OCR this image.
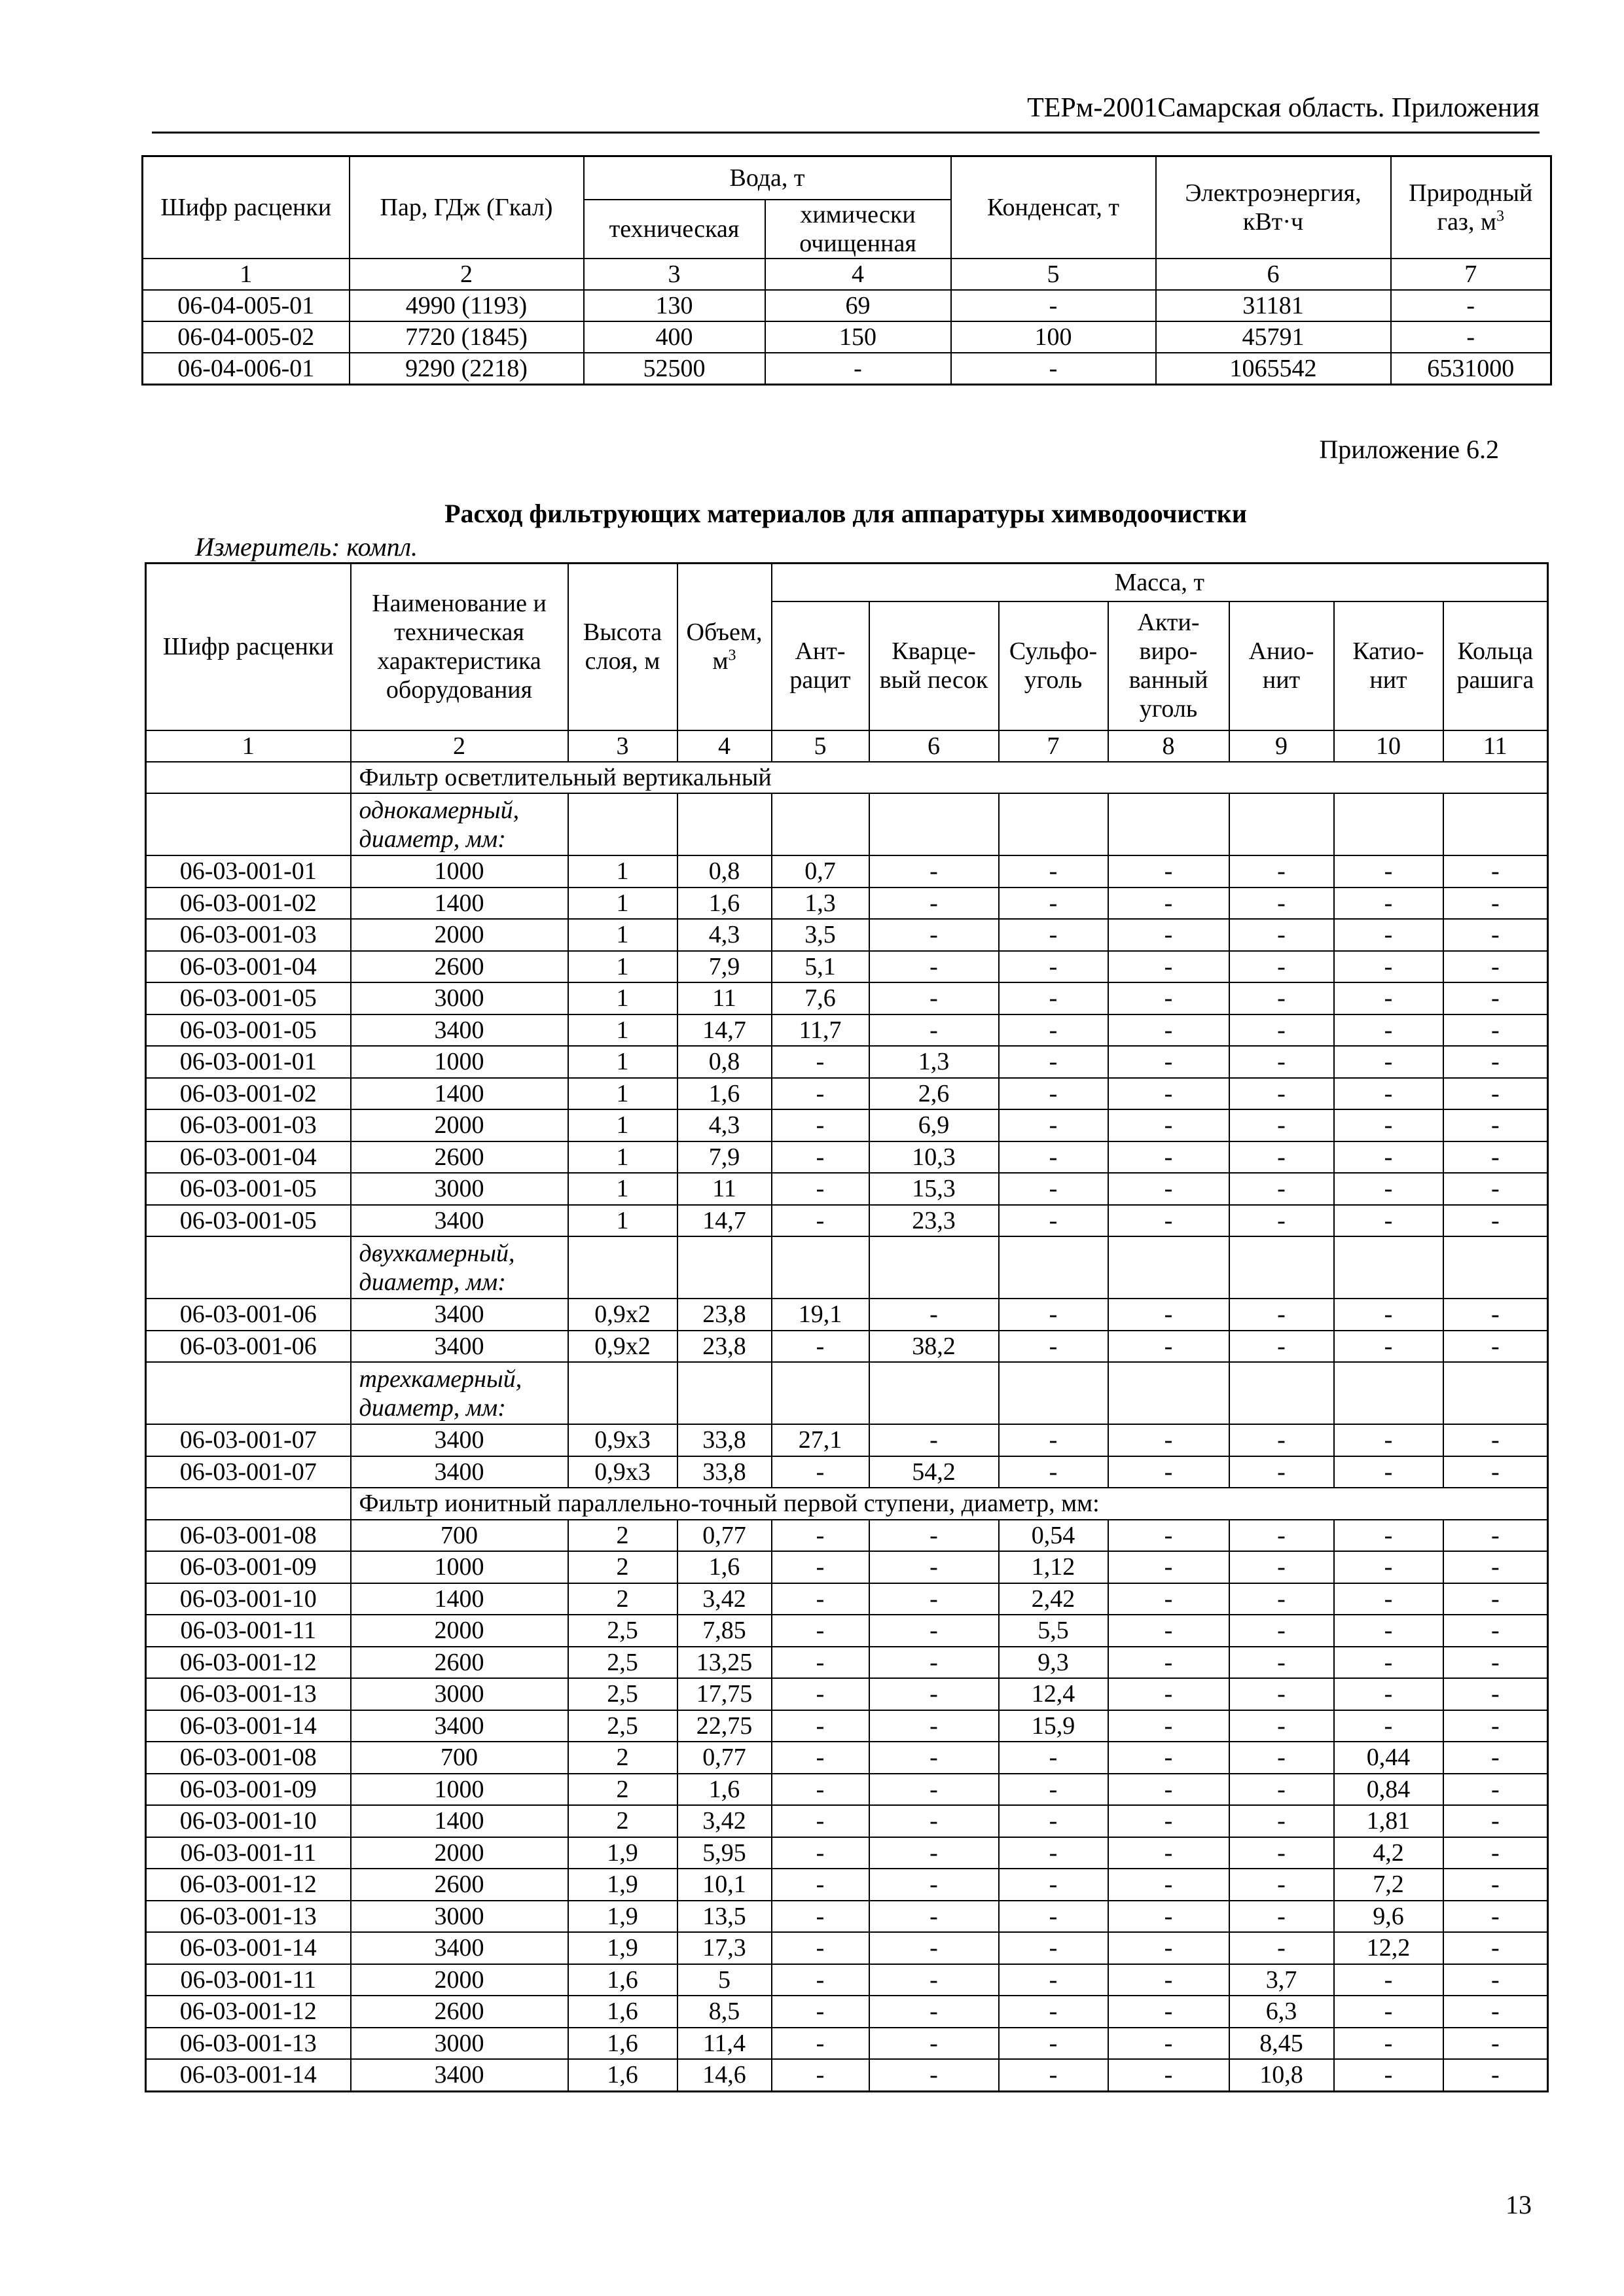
ТЕРм-2001Самарская область. Приложения
Шифр расценки	Пар, ГДж (Гкал)	Вода, т		Конденсат, т	Электроэнергия, кВт·ч	Природный газ, $м^3$
		техническая	химически очищенная			
1	2	3	4	5	6	7
06-04-005-01	4990 (1193)	130	69	-	31181	-
06-04-005-02	7720 (1845)	400	150	100	45791	-
06-04-006-01	9290 (2218)	52500	-	-	1065542	6531000
Приложение 6.2
Расход фильтрующих материалов для аппаратуры химводоочистки
Измеритель: компл.
Шифр расценки	Наименование и техническая характеристика оборудования	Высота слоя, м	Объем, $м^3$	Масса, т						
				Ант-рацит	Кварце-вый песок	Сульфо-уголь	Акти-виро-ванный уголь	Анио-нит	Катио-нит	Кольца рашига
1	2	3	4	5	6	7	8	9	10	11
	Фильтр осветлительный вертикальный									
	однокамерный, диаметр, мм:									
06-03-001-01	1000	1	0,8	0,7	-	-	-	-	-	-
06-03-001-02	1400	1	1,6	1,3	-	-	-	-	-	-
06-03-001-03	2000	1	4,3	3,5	-	-	-	-	-	-
06-03-001-04	2600	1	7,9	5,1	-	-	-	-	-	-
06-03-001-05	3000	1	11	7,6	-	-	-	-	-	-
06-03-001-05	3400	1	14,7	11,7	-	-	-	-	-	-
06-03-001-01	1000	1	0,8	-	1,3	-	-	-	-	-
06-03-001-02	1400	1	1,6	-	2,6	-	-	-	-	-
06-03-001-03	2000	1	4,3	-	6,9	-	-	-	-	-
06-03-001-04	2600	1	7,9	-	10,3	-	-	-	-	-
06-03-001-05	3000	1	11	-	15,3	-	-	-	-	-
06-03-001-05	3400	1	14,7	-	23,3	-	-	-	-	-
	двухкамерный, диаметр, мм:									
06-03-001-06	3400	0,9x2	23,8	19,1	-	-	-	-	-	-
06-03-001-06	3400	0,9x2	23,8	-	38,2	-	-	-	-	-
	трехкамерный, диаметр, мм:									
06-03-001-07	3400	0,9x3	33,8	27,1	-	-	-	-	-	-
06-03-001-07	3400	0,9x3	33,8	-	54,2	-	-	-	-	-
	Фильтр ионитный параллельно-точный первой ступени, диаметр, мм:									
06-03-001-08	700	2	0,77	-	-	0,54	-	-	-	-
06-03-001-09	1000	2	1,6	-	-	1,12	-	-	-	-
06-03-001-10	1400	2	3,42	-	-	2,42	-	-	-	-
06-03-001-11	2000	2,5	7,85	-	-	5,5	-	-	-	-
06-03-001-12	2600	2,5	13,25	-	-	9,3	-	-	-	-
06-03-001-13	3000	2,5	17,75	-	-	12,4	-	-	-	-
06-03-001-14	3400	2,5	22,75	-	-	15,9	-	-	-	-
06-03-001-08	700	2	0,77	-	-	-	-	-	0,44	-
06-03-001-09	1000	2	1,6	-	-	-	-	-	0,84	-
06-03-001-10	1400	2	3,42	-	-	-	-	-	1,81	-
06-03-001-11	2000	1,9	5,95	-	-	-	-	-	4,2	-
06-03-001-12	2600	1,9	10,1	-	-	-	-	-	7,2	-
06-03-001-13	3000	1,9	13,5	-	-	-	-	-	9,6	-
06-03-001-14	3400	1,9	17,3	-	-	-	-	-	12,2	-
06-03-001-11	2000	1,6	5	-	-	-	-	3,7	-	-
06-03-001-12	2600	1,6	8,5	-	-	-	-	6,3	-	-
06-03-001-13	3000	1,6	11,4	-	-	-	-	8,45	-	-
06-03-001-14	3400	1,6	14,6	-	-	-	-	10,8	-	-
13
